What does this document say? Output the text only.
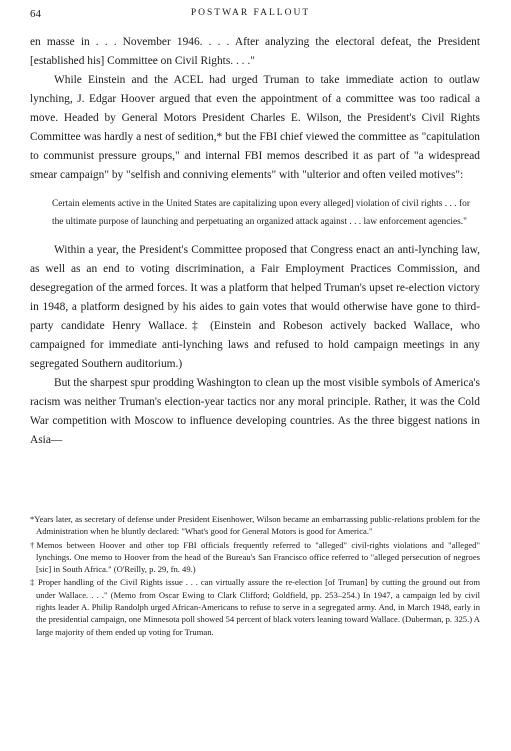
64	POSTWAR FALLOUT

en masse in . . . November 1946. . . . After analyzing the electoral defeat, the President [established his] Committee on Civil Rights. . . ."

While Einstein and the ACEL had urged Truman to take immediate action to outlaw lynching, J. Edgar Hoover argued that even the appointment of a committee was too radical a move. Headed by General Motors President Charles E. Wilson, the President's Civil Rights Committee was hardly a nest of sedition,* but the FBI chief viewed the committee as "capitulation to communist pressure groups," and internal FBI memos described it as part of "a widespread smear campaign" by "selfish and conniving elements" with "ulterior and often veiled motives":

Certain elements active in the United States are capitalizing upon every alleged] violation of civil rights . . . for the ultimate purpose of launching and perpetuating an organized attack against . . . law enforcement agencies."

Within a year, the President's Committee proposed that Congress enact an anti-lynching law, as well as an end to voting discrimination, a Fair Employment Practices Commission, and desegregation of the armed forces. It was a platform that helped Truman's upset re-election victory in 1948, a platform designed by his aides to gain votes that would otherwise have gone to third-party candidate Henry Wallace.‡ (Einstein and Robeson actively backed Wallace, who campaigned for immediate anti-lynching laws and refused to hold campaign meetings in any segregated Southern auditorium.)

But the sharpest spur prodding Washington to clean up the most visible symbols of America's racism was neither Truman's election-year tactics nor any moral principle. Rather, it was the Cold War competition with Moscow to influence developing countries. As the three biggest nations in Asia—

*Years later, as secretary of defense under President Eisenhower, Wilson became an embarrassing public-relations problem for the Administration when he bluntly declared: "What's good for General Motors is good for America."

†Memos between Hoover and other top FBI officials frequently referred to "alleged" civil-rights violations and "alleged" lynchings. One memo to Hoover from the head of the Bureau's San Francisco office referred to "alleged persecution of negroes [sic] in South Africa." (O'Reilly, p. 29, fn. 49.)

‡ Proper handling of the Civil Rights issue . . . can virtually assure the re-election [of Truman] by cutting the ground out from under Wallace. . . ." (Memo from Oscar Ewing to Clark Clifford; Goldfield, pp. 253–254.) In 1947, a campaign led by civil rights leader A. Philip Randolph urged African-Americans to refuse to serve in a segregated army. And, in March 1948, early in the presidential campaign, one Minnesota poll showed 54 percent of black voters leaning toward Wallace. (Duberman, p. 325.) A large majority of them ended up voting for Truman.
